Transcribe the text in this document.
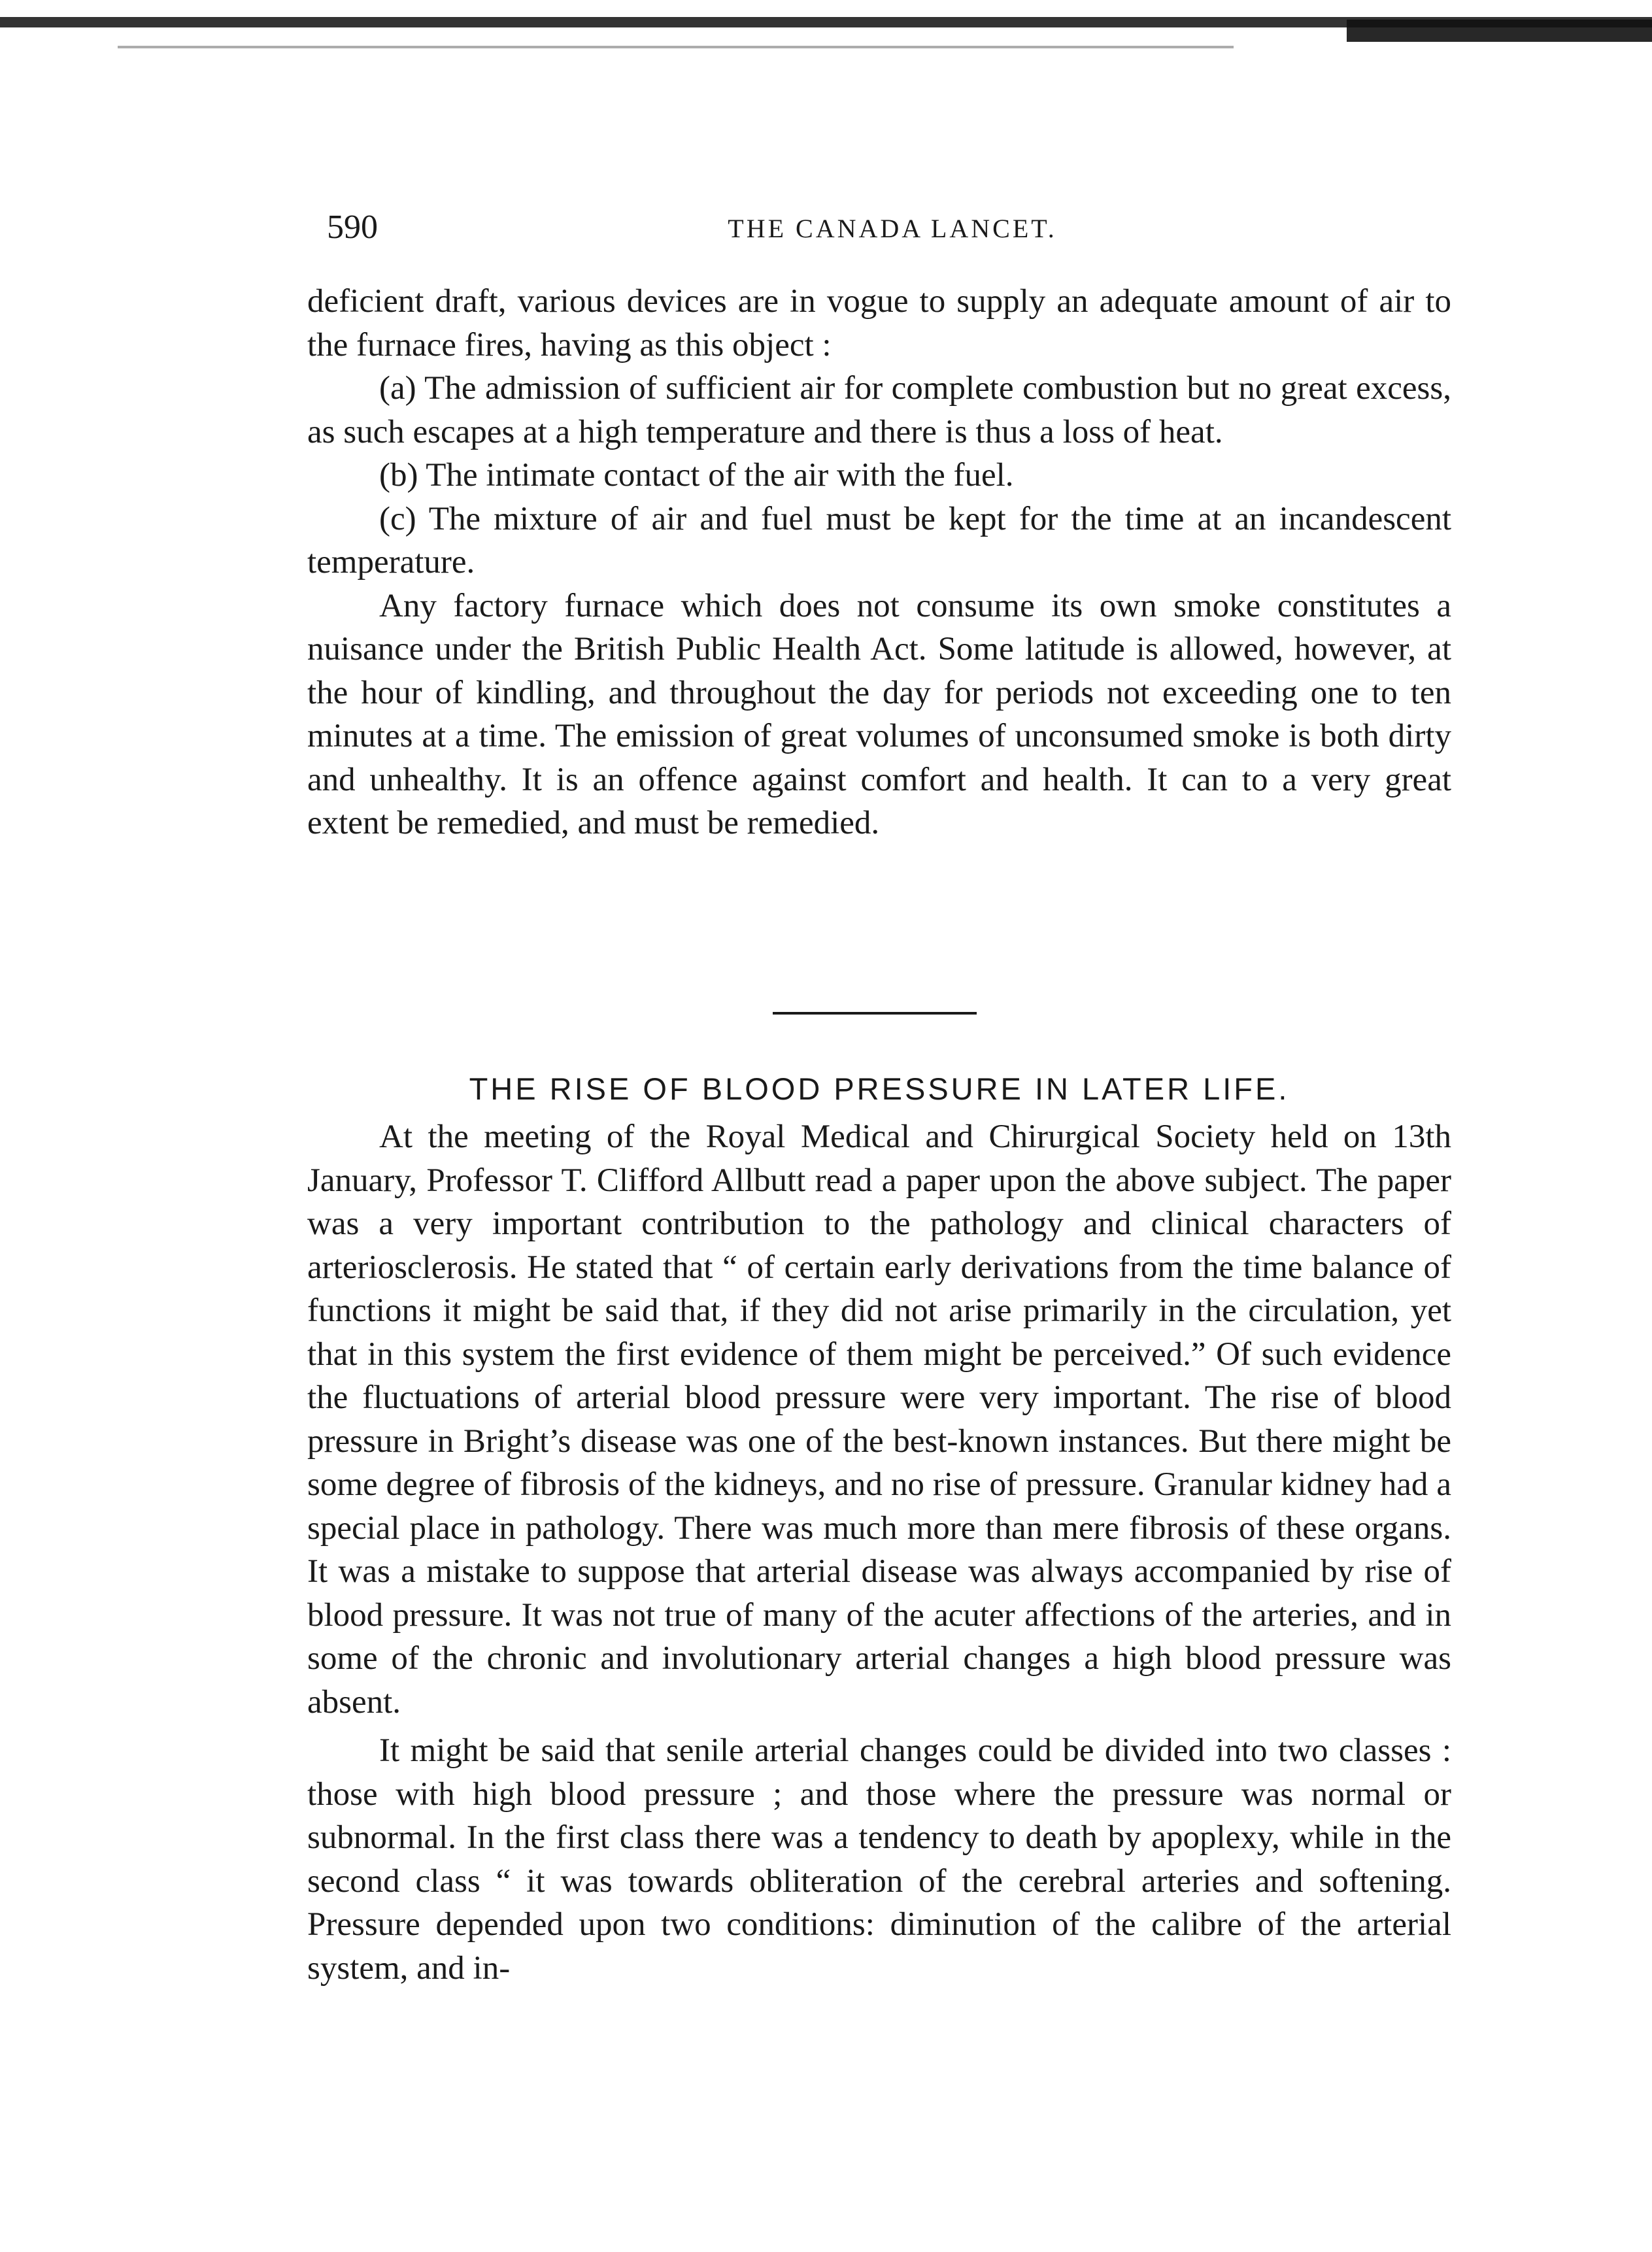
590	THE CANADA LANCET.

deficient draft, various devices are in vogue to supply an adequate amount of air to the furnace fires, having as this object :

(a) The admission of sufficient air for complete combustion but no great excess, as such escapes at a high temperature and there is thus a loss of heat.

(b) The intimate contact of the air with the fuel.

(c) The mixture of air and fuel must be kept for the time at an incandescent temperature.

Any factory furnace which does not consume its own smoke constitutes a nuisance under the British Public Health Act. Some latitude is allowed, however, at the hour of kindling, and throughout the day for periods not exceeding one to ten minutes at a time. The emission of great volumes of unconsumed smoke is both dirty and unhealthy. It is an offence against comfort and health. It can to a very great extent be remedied, and must be remedied.

THE RISE OF BLOOD PRESSURE IN LATER LIFE.

At the meeting of the Royal Medical and Chirurgical Society held on 13th January, Professor T. Clifford Allbutt read a paper upon the above subject. The paper was a very important contribution to the pathology and clinical characters of arteriosclerosis. He stated that “ of certain early derivations from the time balance of functions it might be said that, if they did not arise primarily in the circulation, yet that in this system the first evidence of them might be perceived.” Of such evidence the fluctuations of arterial blood pressure were very important. The rise of blood pressure in Bright’s disease was one of the best-known instances. But there might be some degree of fibrosis of the kidneys, and no rise of pressure. Granular kidney had a special place in pathology. There was much more than mere fibrosis of these organs. It was a mistake to suppose that arterial disease was always accompanied by rise of blood pressure. It was not true of many of the acuter affections of the arteries, and in some of the chronic and involutionary arterial changes a high blood pressure was absent.

It might be said that senile arterial changes could be divided into two classes : those with high blood pressure ; and those where the pressure was normal or subnormal. In the first class there was a tendency to death by apoplexy, while in the second class “ it was towards obliteration of the cerebral arteries and softening. Pressure depended upon two conditions: diminution of the calibre of the arterial system, and in-
